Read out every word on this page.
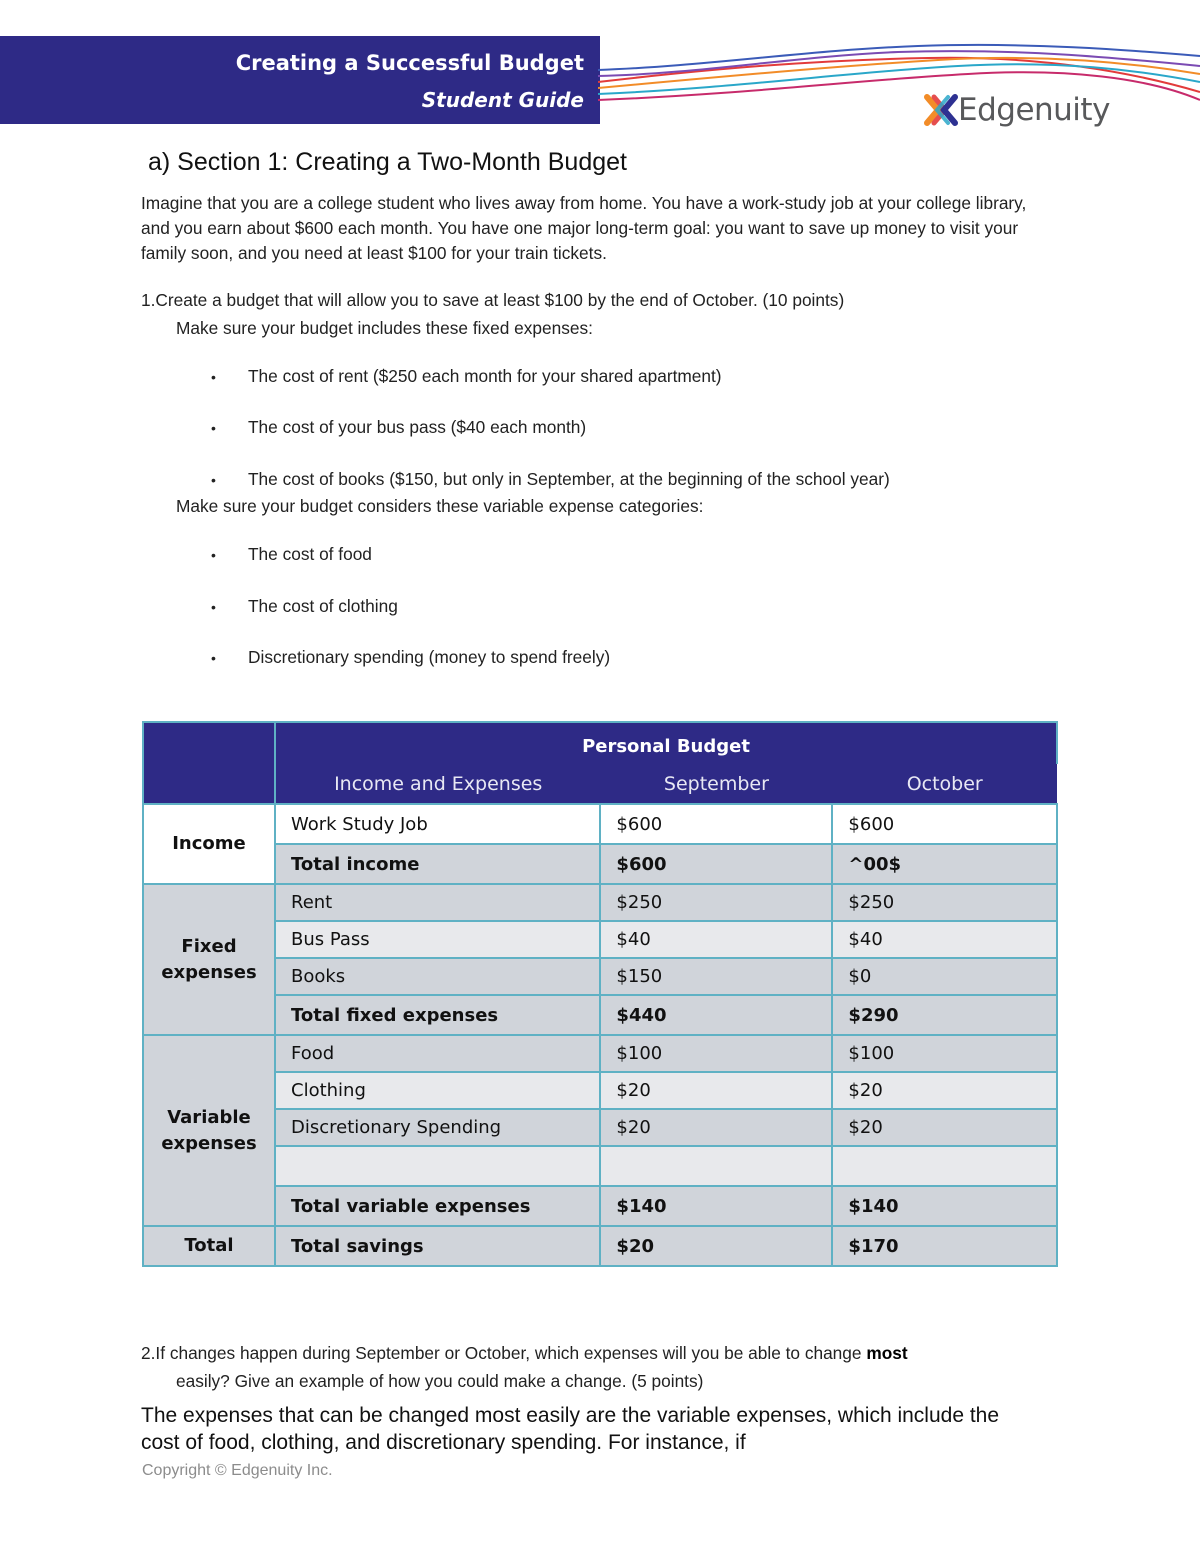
Creating a Successful Budget
Student Guide	Edgenuity
a) Section 1: Creating a Two-Month Budget
Imagine that you are a college student who lives away from home. You have a work-study job at your college library, and you earn about $600 each month. You have one major long-term goal: you want to save up money to visit your family soon, and you need at least $100 for your train tickets.
1.Create a budget that will allow you to save at least $100 by the end of October. (10 points)
Make sure your budget includes these fixed expenses:
•	The cost of rent ($250 each month for your shared apartment)
•	The cost of your bus pass ($40 each month)
•	The cost of books ($150, but only in September, at the beginning of the school year)
Make sure your budget considers these variable expense categories:
•	The cost of food
•	The cost of clothing
•	Discretionary spending (money to spend freely)
	Personal Budget		
	Income and Expenses	September	October
Income	Work Study Job	$600	$600
	Total income	$600	^00$
Fixed expenses	Rent	$250	$250
	Bus Pass	$40	$40
	Books	$150	$0
	Total fixed expenses	$440	$290
Variable expenses	Food	$100	$100
	Clothing	$20	$20
	Discretionary Spending	$20	$20

	Total variable expenses	$140	$140
Total	Total savings	$20	$170
2.If changes happen during September or October, which expenses will you be able to change most
easily? Give an example of how you could make a change. (5 points)
The expenses that can be changed most easily are the variable expenses, which include the cost of food, clothing, and discretionary spending. For instance, if
Copyright © Edgenuity Inc.
